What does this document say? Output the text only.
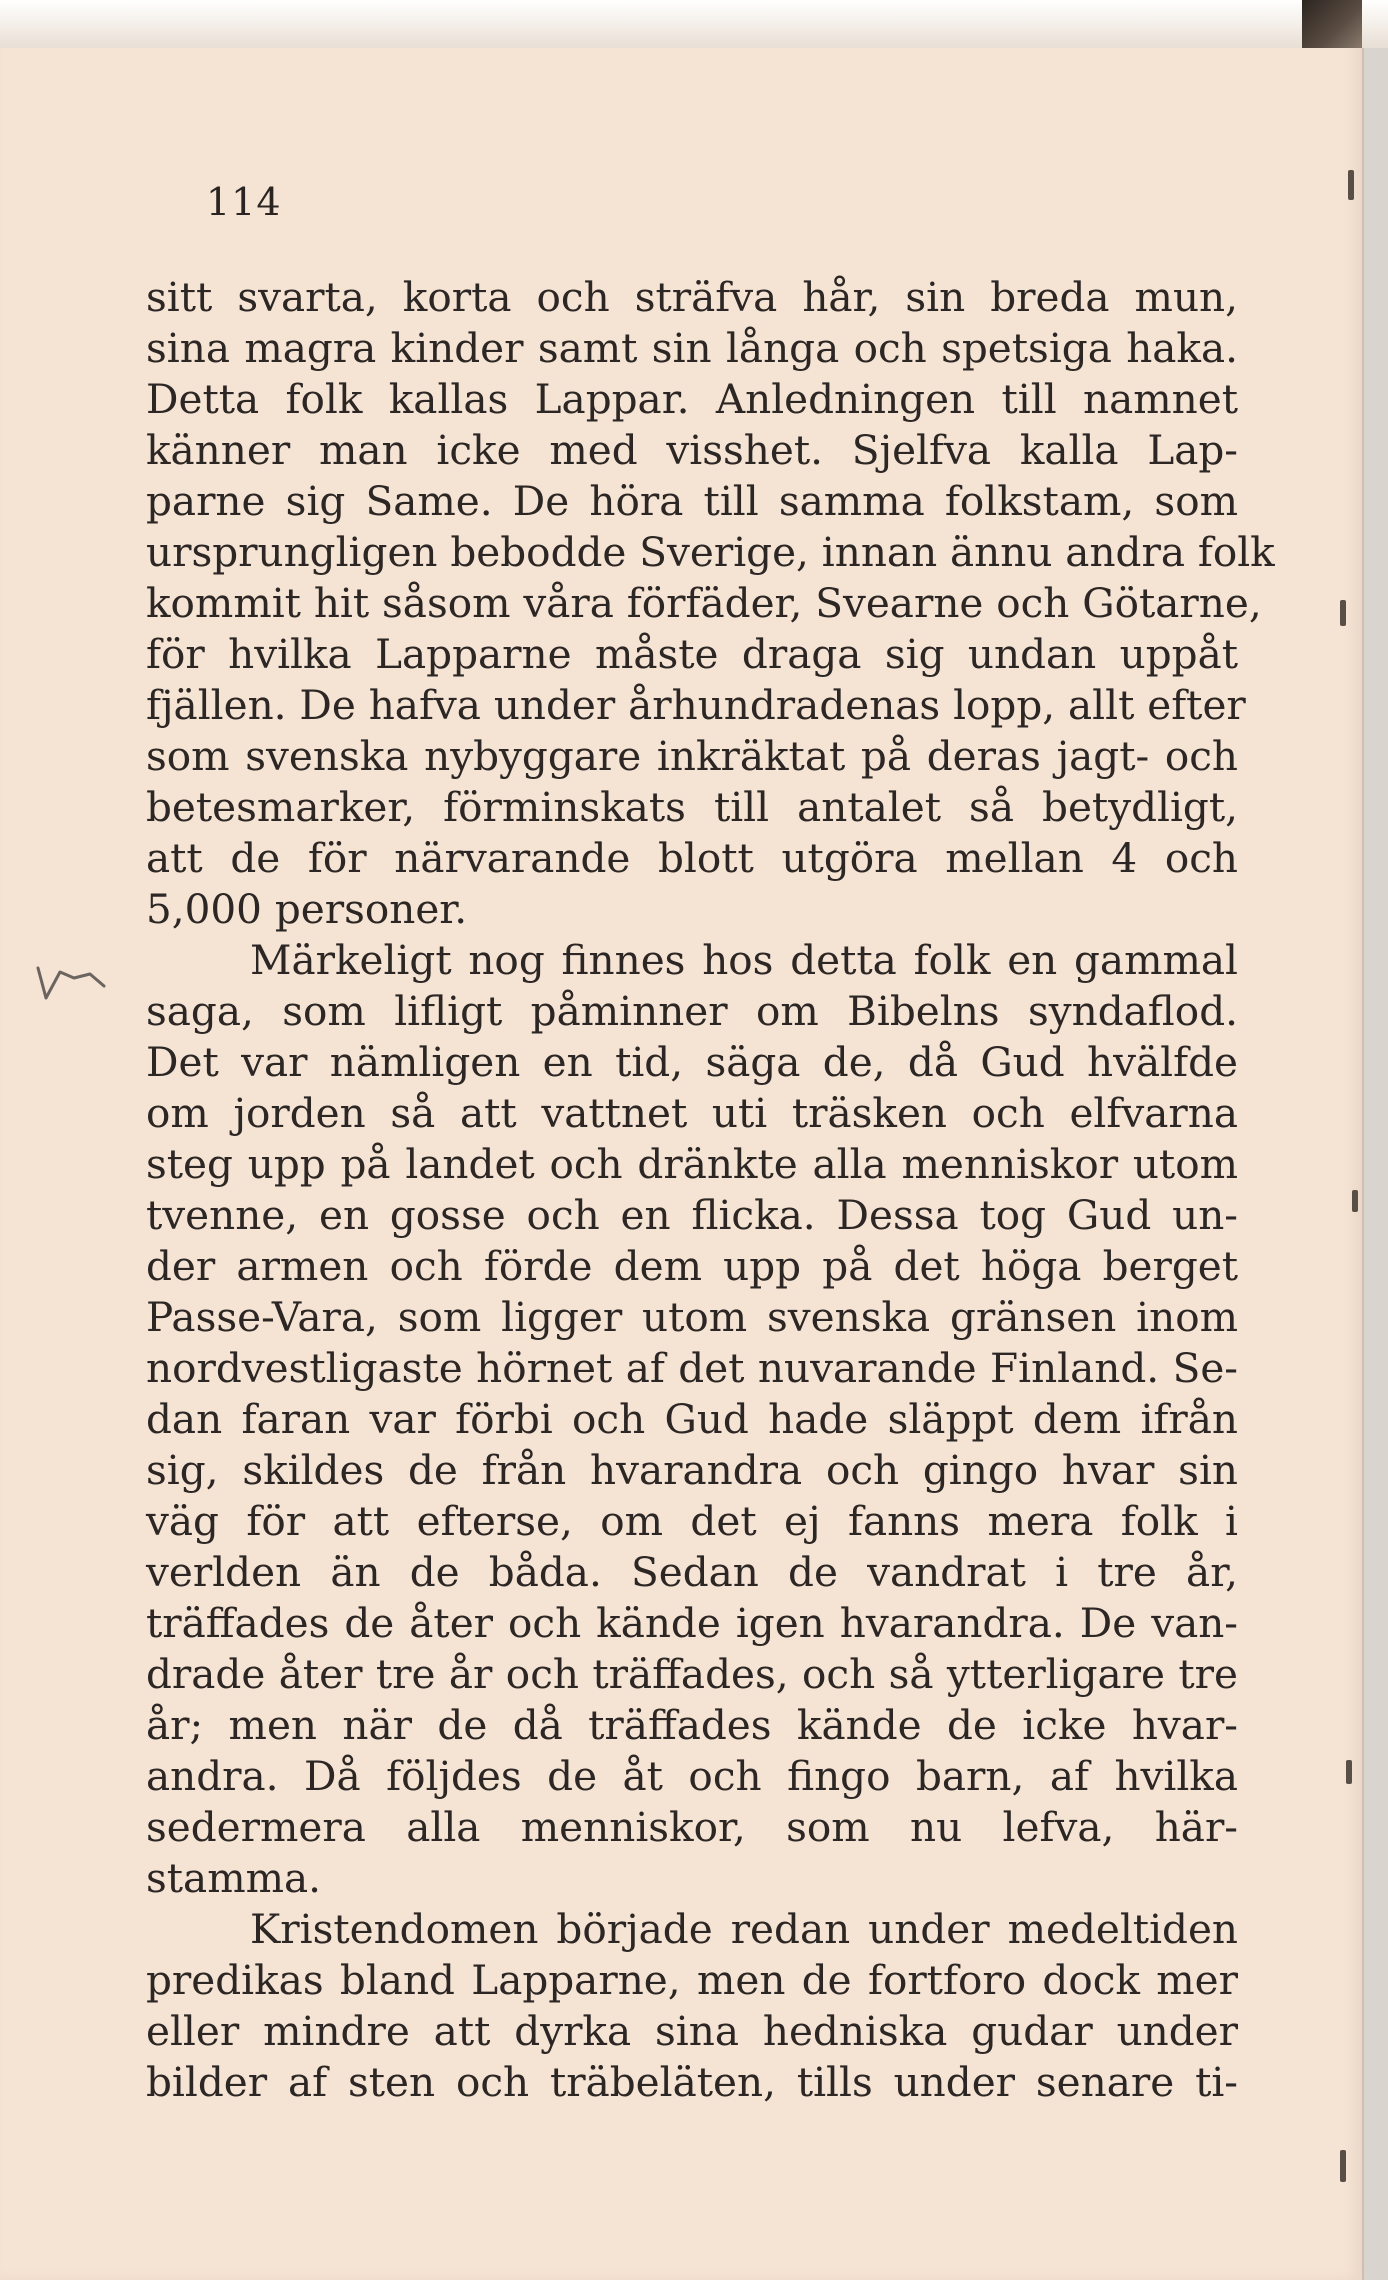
114
sitt svarta, korta och sträfva hår, sin breda mun,
sina magra kinder samt sin långa och spetsiga haka.
Detta folk kallas Lappar. Anledningen till namnet
känner man icke med visshet. Sjelfva kalla Lap-
parne sig Same. De höra till samma folkstam, som
ursprungligen bebodde Sverige, innan ännu andra folk
kommit hit såsom våra förfäder, Svearne och Götarne,
för hvilka Lapparne måste draga sig undan uppåt
fjällen. De hafva under århundradenas lopp, allt efter
som svenska nybyggare inkräktat på deras jagt- och
betesmarker, förminskats till antalet så betydligt,
att de för närvarande blott utgöra mellan 4 och
5,000 personer.
Märkeligt nog finnes hos detta folk en gammal
saga, som lifligt påminner om Bibelns syndaflod.
Det var nämligen en tid, säga de, då Gud hvälfde
om jorden så att vattnet uti träsken och elfvarna
steg upp på landet och dränkte alla menniskor utom
tvenne, en gosse och en flicka. Dessa tog Gud un-
der armen och förde dem upp på det höga berget
Passe-Vara, som ligger utom svenska gränsen inom
nordvestligaste hörnet af det nuvarande Finland. Se-
dan faran var förbi och Gud hade släppt dem ifrån
sig, skildes de från hvarandra och gingo hvar sin
väg för att efterse, om det ej fanns mera folk i
verlden än de båda. Sedan de vandrat i tre år,
träffades de åter och kände igen hvarandra. De van-
drade åter tre år och träffades, och så ytterligare tre
år; men när de då träffades kände de icke hvar-
andra. Då följdes de åt och fingo barn, af hvilka
sedermera alla menniskor, som nu lefva, här-
stamma.
Kristendomen började redan under medeltiden
predikas bland Lapparne, men de fortforo dock mer
eller mindre att dyrka sina hedniska gudar under
bilder af sten och träbeläten, tills under senare ti-
